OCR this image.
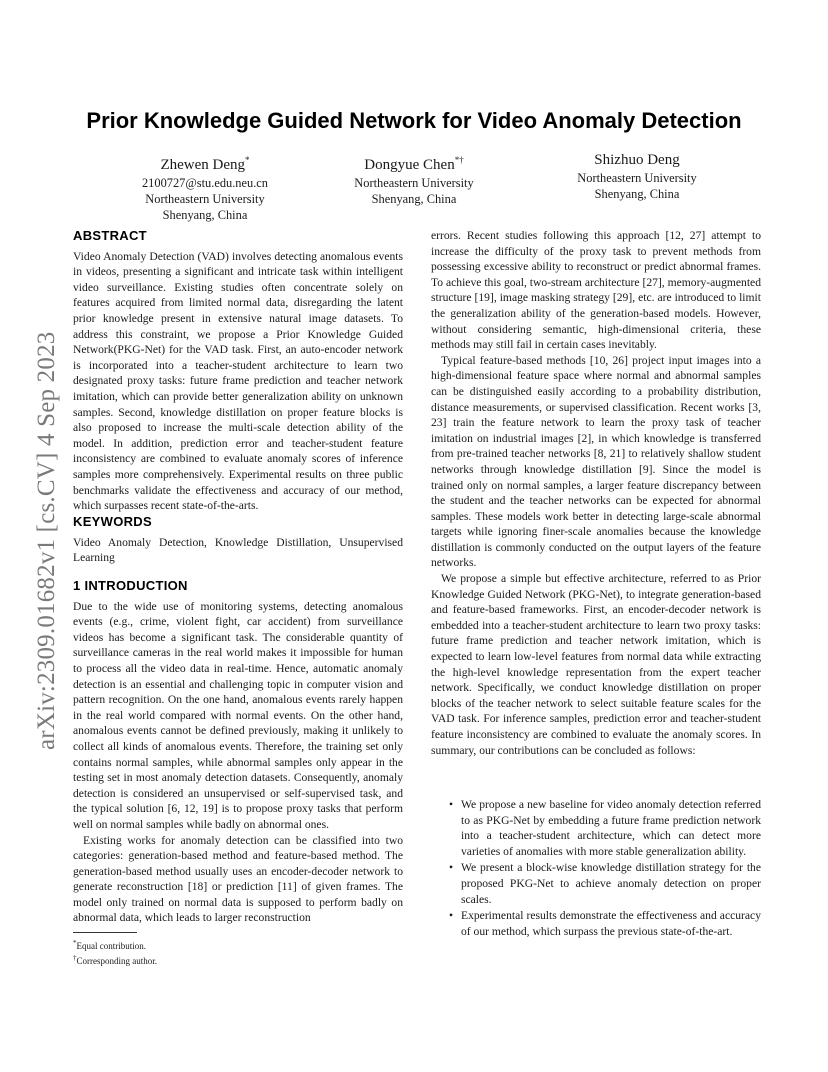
arXiv:2309.01682v1 [cs.CV] 4 Sep 2023
Prior Knowledge Guided Network for Video Anomaly Detection
Zhewen Deng*
2100727@stu.edu.neu.cn
Northeastern University
Shenyang, China
Dongyue Chen*†
Northeastern University
Shenyang, China
Shizhuo Deng
Northeastern University
Shenyang, China
ABSTRACT

Video Anomaly Detection (VAD) involves detecting anomalous events in videos, presenting a significant and intricate task within intelligent video surveillance. Existing studies often concentrate solely on features acquired from limited normal data, disregarding the latent prior knowledge present in extensive natural image datasets. To address this constraint, we propose a Prior Knowledge Guided Network(PKG-Net) for the VAD task. First, an auto-encoder network is incorporated into a teacher-student architecture to learn two designated proxy tasks: future frame prediction and teacher network imitation, which can provide better generalization ability on unknown samples. Second, knowledge distillation on proper feature blocks is also proposed to increase the multi-scale detection ability of the model. In addition, prediction error and teacher-student feature inconsistency are combined to evaluate anomaly scores of inference samples more comprehensively. Experimental results on three public benchmarks validate the effectiveness and accuracy of our method, which surpasses recent state-of-the-arts.

KEYWORDS

Video Anomaly Detection, Knowledge Distillation, Unsupervised Learning

1 INTRODUCTION

Due to the wide use of monitoring systems, detecting anomalous events (e.g., crime, violent fight, car accident) from surveillance videos has become a significant task. The considerable quantity of surveillance cameras in the real world makes it impossible for human to process all the video data in real-time. Hence, automatic anomaly detection is an essential and challenging topic in computer vision and pattern recognition. On the one hand, anomalous events rarely happen in the real world compared with normal events. On the other hand, anomalous events cannot be defined previously, making it unlikely to collect all kinds of anomalous events. Therefore, the training set only contains normal samples, while abnormal samples only appear in the testing set in most anomaly detection datasets. Consequently, anomaly detection is considered an unsupervised or self-supervised task, and the typical solution [6, 12, 19] is to propose proxy tasks that perform well on normal samples while badly on abnormal ones.

Existing works for anomaly detection can be classified into two categories: generation-based method and feature-based method. The generation-based method usually uses an encoder-decoder network to generate reconstruction [18] or prediction [11] of given frames. The model only trained on normal data is supposed to perform badly on abnormal data, which leads to larger reconstruction

*Equal contribution.
†Corresponding author.

errors. Recent studies following this approach [12, 27] attempt to increase the difficulty of the proxy task to prevent methods from possessing excessive ability to reconstruct or predict abnormal frames. To achieve this goal, two-stream architecture [27], memory-augmented structure [19], image masking strategy [29], etc. are introduced to limit the generalization ability of the generation-based models. However, without considering semantic, high-dimensional criteria, these methods may still fail in certain cases inevitably.

Typical feature-based methods [10, 26] project input images into a high-dimensional feature space where normal and abnormal samples can be distinguished easily according to a probability distribution, distance measurements, or supervised classification. Recent works [3, 23] train the feature network to learn the proxy task of teacher imitation on industrial images [2], in which knowledge is transferred from pre-trained teacher networks [8, 21] to relatively shallow student networks through knowledge distillation [9]. Since the model is trained only on normal samples, a larger feature discrepancy between the student and the teacher networks can be expected for abnormal samples. These models work better in detecting large-scale abnormal targets while ignoring finer-scale anomalies because the knowledge distillation is commonly conducted on the output layers of the feature networks.

We propose a simple but effective architecture, referred to as Prior Knowledge Guided Network (PKG-Net), to integrate generation-based and feature-based frameworks. First, an encoder-decoder network is embedded into a teacher-student architecture to learn two proxy tasks: future frame prediction and teacher network imitation, which is expected to learn low-level features from normal data while extracting the high-level knowledge representation from the expert teacher network. Specifically, we conduct knowledge distillation on proper blocks of the teacher network to select suitable feature scales for the VAD task. For inference samples, prediction error and teacher-student feature inconsistency are combined to evaluate the anomaly scores. In summary, our contributions can be concluded as follows:

• We propose a new baseline for video anomaly detection referred to as PKG-Net by embedding a future frame prediction network into a teacher-student architecture, which can detect more varieties of anomalies with more stable generalization ability.
• We present a block-wise knowledge distillation strategy for the proposed PKG-Net to achieve anomaly detection on proper scales.
• Experimental results demonstrate the effectiveness and accuracy of our method, which surpass the previous state-of-the-art.
